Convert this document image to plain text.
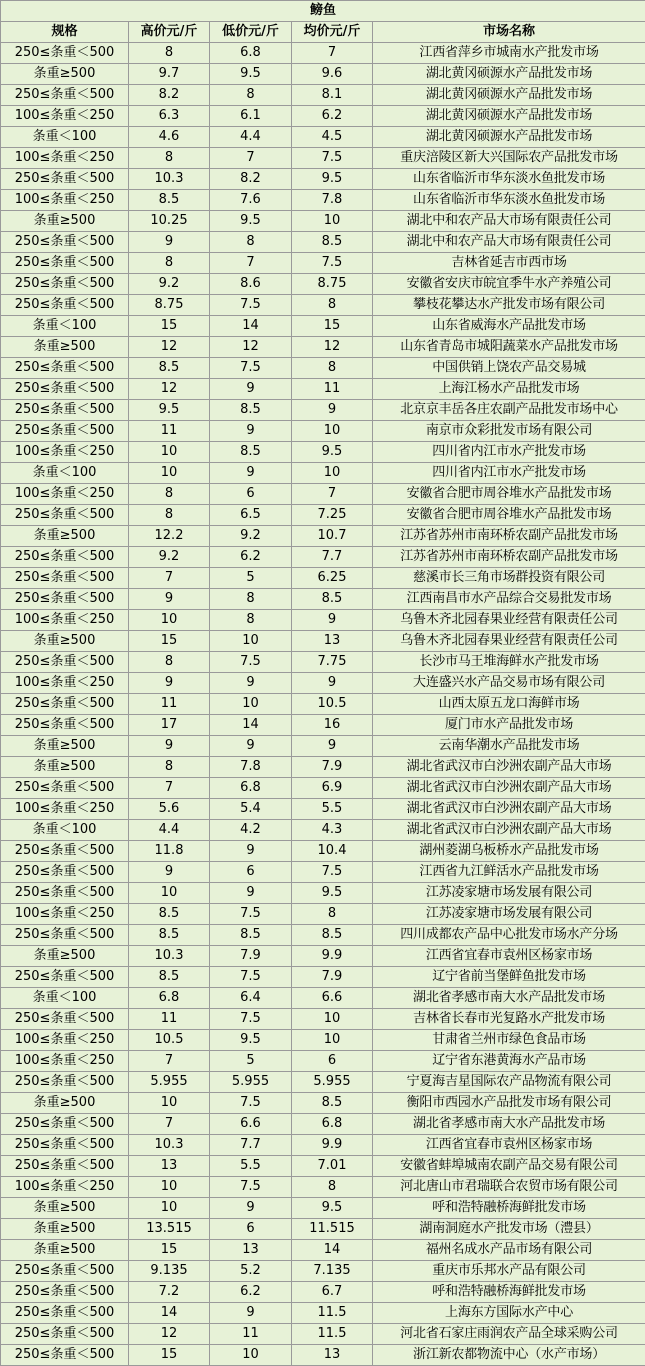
鳑鱼				
规格	高价元/斤	低价元/斤	均价元/斤	市场名称
250≤条重＜500	8	6.8	7	江西省萍乡市城南水产批发市场
条重≥500	9.7	9.5	9.6	湖北黄冈硕源水产品批发市场
250≤条重＜500	8.2	8	8.1	湖北黄冈硕源水产品批发市场
100≤条重＜250	6.3	6.1	6.2	湖北黄冈硕源水产品批发市场
条重＜100	4.6	4.4	4.5	湖北黄冈硕源水产品批发市场
100≤条重＜250	8	7	7.5	重庆涪陵区新大兴国际农产品批发市场
250≤条重＜500	10.3	8.2	9.5	山东省临沂市华东淡水鱼批发市场
100≤条重＜250	8.5	7.6	7.8	山东省临沂市华东淡水鱼批发市场
条重≥500	10.25	9.5	10	湖北中和农产品大市场有限责任公司
250≤条重＜500	9	8	8.5	湖北中和农产品大市场有限责任公司
250≤条重＜500	8	7	7.5	吉林省延吉市西市场
250≤条重＜500	9.2	8.6	8.75	安徽省安庆市皖宜季牛水产养殖公司
250≤条重＜500	8.75	7.5	8	攀枝花攀达水产批发市场有限公司
条重＜100	15	14	15	山东省威海水产品批发市场
条重≥500	12	12	12	山东省青岛市城阳蔬菜水产品批发市场
250≤条重＜500	8.5	7.5	8	中国供销上饶农产品交易城
250≤条重＜500	12	9	11	上海江杨水产品批发市场
250≤条重＜500	9.5	8.5	9	北京京丰岳各庄农副产品批发市场中心
250≤条重＜500	11	9	10	南京市众彩批发市场有限公司
100≤条重＜250	10	8.5	9.5	四川省内江市水产批发市场
条重＜100	10	9	10	四川省内江市水产批发市场
100≤条重＜250	8	6	7	安徽省合肥市周谷堆水产品批发市场
250≤条重＜500	8	6.5	7.25	安徽省合肥市周谷堆水产品批发市场
条重≥500	12.2	9.2	10.7	江苏省苏州市南环桥农副产品批发市场
250≤条重＜500	9.2	6.2	7.7	江苏省苏州市南环桥农副产品批发市场
250≤条重＜500	7	5	6.25	慈溪市长三角市场群投资有限公司
250≤条重＜500	9	8	8.5	江西南昌市水产品综合交易批发市场
100≤条重＜250	10	8	9	乌鲁木齐北园春果业经营有限责任公司
条重≥500	15	10	13	乌鲁木齐北园春果业经营有限责任公司
250≤条重＜500	8	7.5	7.75	长沙市马王堆海鲜水产批发市场
100≤条重＜250	9	9	9	大连盛兴水产品交易市场有限公司
250≤条重＜500	11	10	10.5	山西太原五龙口海鲜市场
250≤条重＜500	17	14	16	厦门市水产品批发市场
条重≥500	9	9	9	云南华潮水产品批发市场
条重≥500	8	7.8	7.9	湖北省武汉市白沙洲农副产品大市场
250≤条重＜500	7	6.8	6.9	湖北省武汉市白沙洲农副产品大市场
100≤条重＜250	5.6	5.4	5.5	湖北省武汉市白沙洲农副产品大市场
条重＜100	4.4	4.2	4.3	湖北省武汉市白沙洲农副产品大市场
250≤条重＜500	11.8	9	10.4	湖州菱湖乌板桥水产品批发市场
250≤条重＜500	9	6	7.5	江西省九江鲜活水产品批发市场
250≤条重＜500	10	9	9.5	江苏凌家塘市场发展有限公司
100≤条重＜250	8.5	7.5	8	江苏凌家塘市场发展有限公司
250≤条重＜500	8.5	8.5	8.5	四川成都农产品中心批发市场水产分场
条重≥500	10.3	7.9	9.9	江西省宜春市袁州区杨家市场
250≤条重＜500	8.5	7.5	7.9	辽宁省前当堡鲜鱼批发市场
条重＜100	6.8	6.4	6.6	湖北省孝感市南大水产品批发市场
250≤条重＜500	11	7.5	10	吉林省长春市光复路水产批发市场
100≤条重＜250	10.5	9.5	10	甘肃省兰州市绿色食品市场
100≤条重＜250	7	5	6	辽宁省东港黄海水产品市场
250≤条重＜500	5.955	5.955	5.955	宁夏海吉星国际农产品物流有限公司
条重≥500	10	7.5	8.5	衡阳市西园水产品批发市场有限公司
250≤条重＜500	7	6.6	6.8	湖北省孝感市南大水产品批发市场
250≤条重＜500	10.3	7.7	9.9	江西省宜春市袁州区杨家市场
250≤条重＜500	13	5.5	7.01	安徽省蚌埠城南农副产品交易有限公司
100≤条重＜250	10	7.5	8	河北唐山市君瑞联合农贸市场有限公司
条重≥500	10	9	9.5	呼和浩特融桥海鲜批发市场
条重≥500	13.515	6	11.515	湖南洞庭水产批发市场（澧县）
条重≥500	15	13	14	福州名成水产品市场有限公司
250≤条重＜500	9.135	5.2	7.135	重庆市乐邦水产品有限公司
250≤条重＜500	7.2	6.2	6.7	呼和浩特融桥海鲜批发市场
250≤条重＜500	14	9	11.5	上海东方国际水产中心
250≤条重＜500	12	11	11.5	河北省石家庄雨润农产品全球采购公司
250≤条重＜500	15	10	13	浙江新农都物流中心（水产市场）
